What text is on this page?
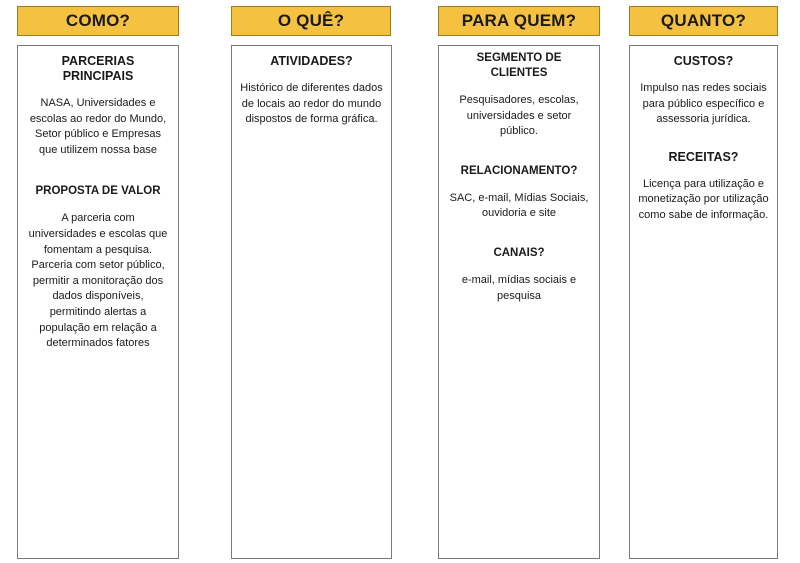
COMO?	O QUÊ?	PARA QUEM?	QUANTO?

PARCERIAS PRINCIPAIS

NASA, Universidades e escolas ao redor do Mundo, Setor público e Empresas que utilizem nossa base

PROPOSTA DE VALOR

A parceria com universidades e escolas que fomentam a pesquisa. Parceria com setor público, permitir a monitoração dos dados disponíveis, permitindo alertas a população em relação a determinados fatores

ATIVIDADES?

Histórico de diferentes dados de locais ao redor do mundo dispostos de forma gráfica.

SEGMENTO DE CLIENTES

Pesquisadores, escolas, universidades e setor público.

RELACIONAMENTO?

SAC, e-mail, Mídias Sociais, ouvidoria e site

CANAIS?

e-mail, mídias sociais e pesquisa

CUSTOS?

Impulso nas redes sociais para público específico e assessoria jurídica.

RECEITAS?

Licença para utilização e monetização por utilização como sabe de informação.
